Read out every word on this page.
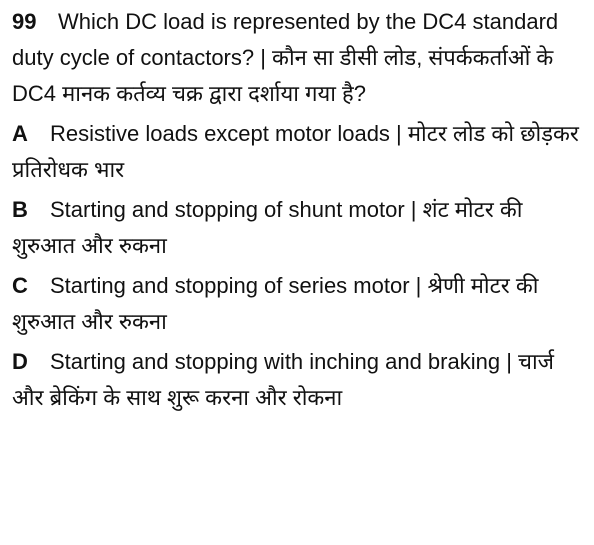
99 Which DC load is represented by the DC4 standard duty cycle of contactors? | कौन सा डीसी लोड, संपर्ककर्ताओं के DC4 मानक कर्तव्य चक्र द्वारा दर्शाया गया है?

A Resistive loads except motor loads | मोटर लोड को छोड़कर प्रतिरोधक भार

B Starting and stopping of shunt motor | शंट मोटर की शुरुआत और रुकना

C Starting and stopping of series motor | श्रेणी मोटर की शुरुआत और रुकना

D Starting and stopping with inching and braking | चार्ज और ब्रेकिंग के साथ शुरू करना और रोकना
